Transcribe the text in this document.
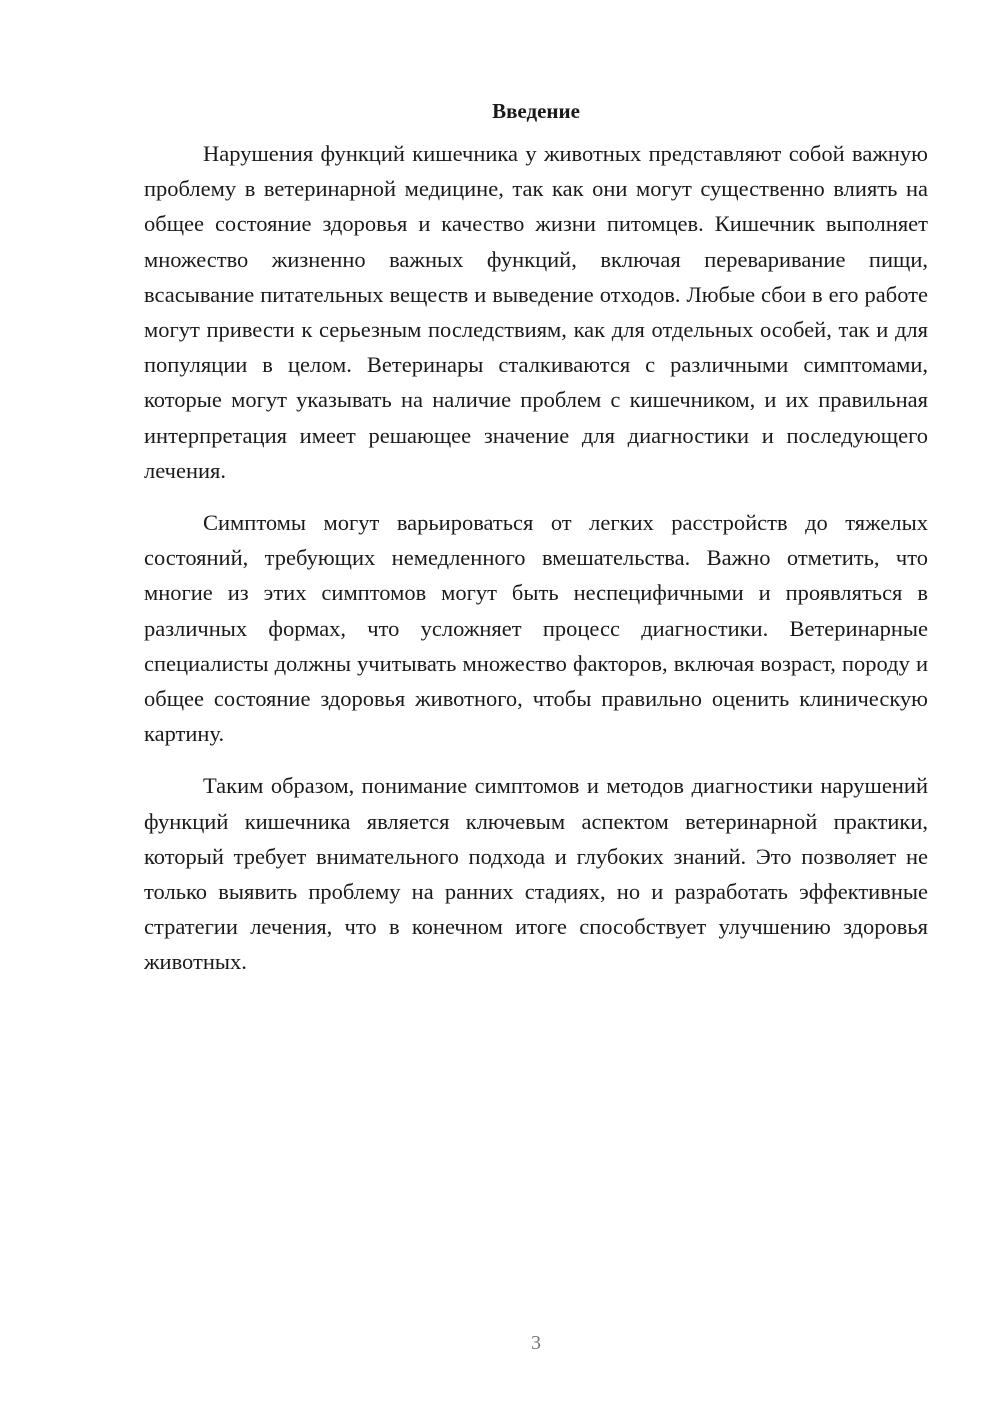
Введение

Нарушения функций кишечника у животных представляют собой важную проблему в ветеринарной медицине, так как они могут существенно влиять на общее состояние здоровья и качество жизни питомцев. Кишечник выполняет множество жизненно важных функций, включая переваривание пищи, всасывание питательных веществ и выведение отходов. Любые сбои в его работе могут привести к серьезным последствиям, как для отдельных особей, так и для популяции в целом. Ветеринары сталкиваются с различными симптомами, которые могут указывать на наличие проблем с кишечником, и их правильная интерпретация имеет решающее значение для диагностики и последующего лечения.

Симптомы могут варьироваться от легких расстройств до тяжелых состояний, требующих немедленного вмешательства. Важно отметить, что многие из этих симптомов могут быть неспецифичными и проявляться в различных формах, что усложняет процесс диагностики. Ветеринарные специалисты должны учитывать множество факторов, включая возраст, породу и общее состояние здоровья животного, чтобы правильно оценить клиническую картину.

Таким образом, понимание симптомов и методов диагностики нарушений функций кишечника является ключевым аспектом ветеринарной практики, который требует внимательного подхода и глубоких знаний. Это позволяет не только выявить проблему на ранних стадиях, но и разработать эффективные стратегии лечения, что в конечном итоге способствует улучшению здоровья животных.

3
